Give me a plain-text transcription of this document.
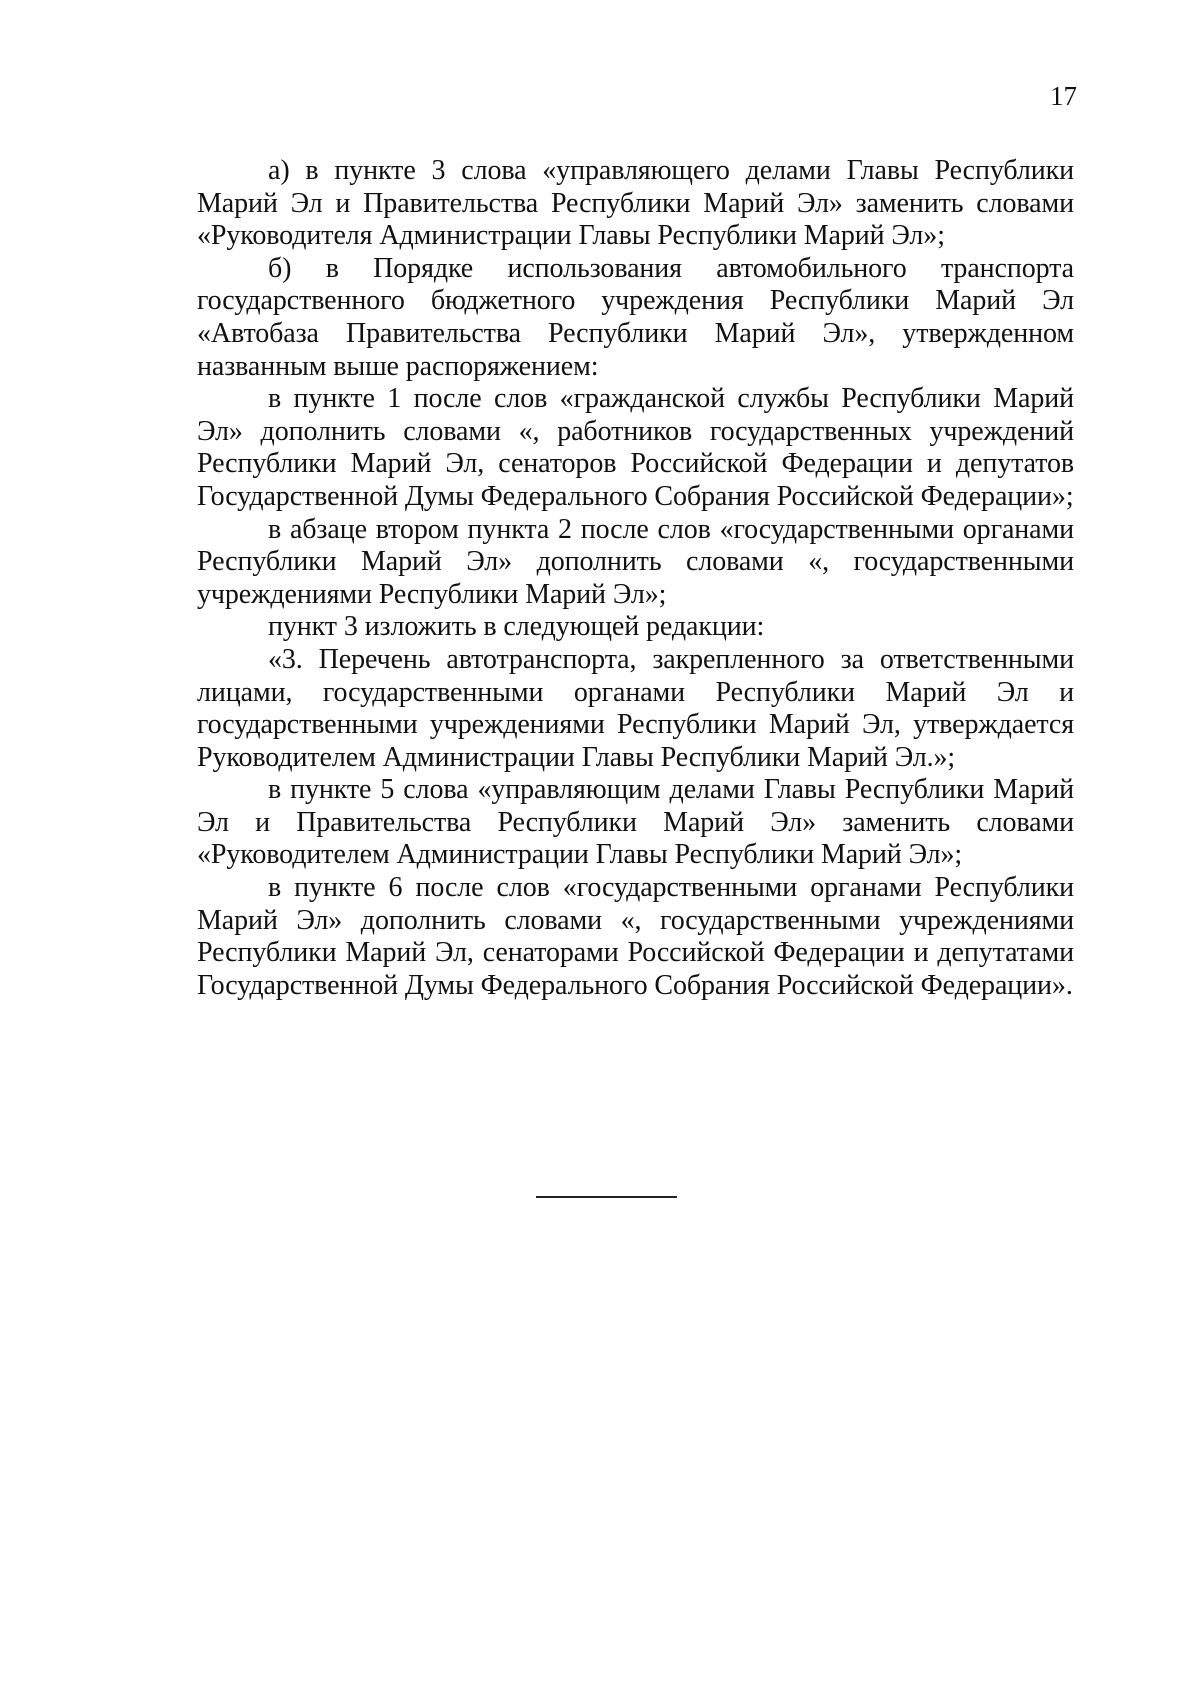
17

а) в пункте 3 слова «управляющего делами Главы Республики Марий Эл и Правительства Республики Марий Эл» заменить словами «Руководителя Администрации Главы Республики Марий Эл»;

б) в Порядке использования автомобильного транспорта государственного бюджетного учреждения Республики Марий Эл «Автобаза Правительства Республики Марий Эл», утвержденном названным выше распоряжением:

в пункте 1 после слов «гражданской службы Республики Марий Эл» дополнить словами «, работников государственных учреждений Республики Марий Эл, сенаторов Российской Федерации и депутатов Государственной Думы Федерального Собрания Российской Федерации»;

в абзаце втором пункта 2 после слов «государственными органами Республики Марий Эл» дополнить словами «, государственными учреждениями Республики Марий Эл»;

пункт 3 изложить в следующей редакции:

«3. Перечень автотранспорта, закрепленного за ответственными лицами, государственными органами Республики Марий Эл и государственными учреждениями Республики Марий Эл, утверждается Руководителем Администрации Главы Республики Марий Эл.»;

в пункте 5 слова «управляющим делами Главы Республики Марий Эл и Правительства Республики Марий Эл» заменить словами «Руководителем Администрации Главы Республики Марий Эл»;

в пункте 6 после слов «государственными органами Республики Марий Эл» дополнить словами «, государственными учреждениями Республики Марий Эл, сенаторами Российской Федерации и депутатами Государственной Думы Федерального Собрания Российской Федерации».
